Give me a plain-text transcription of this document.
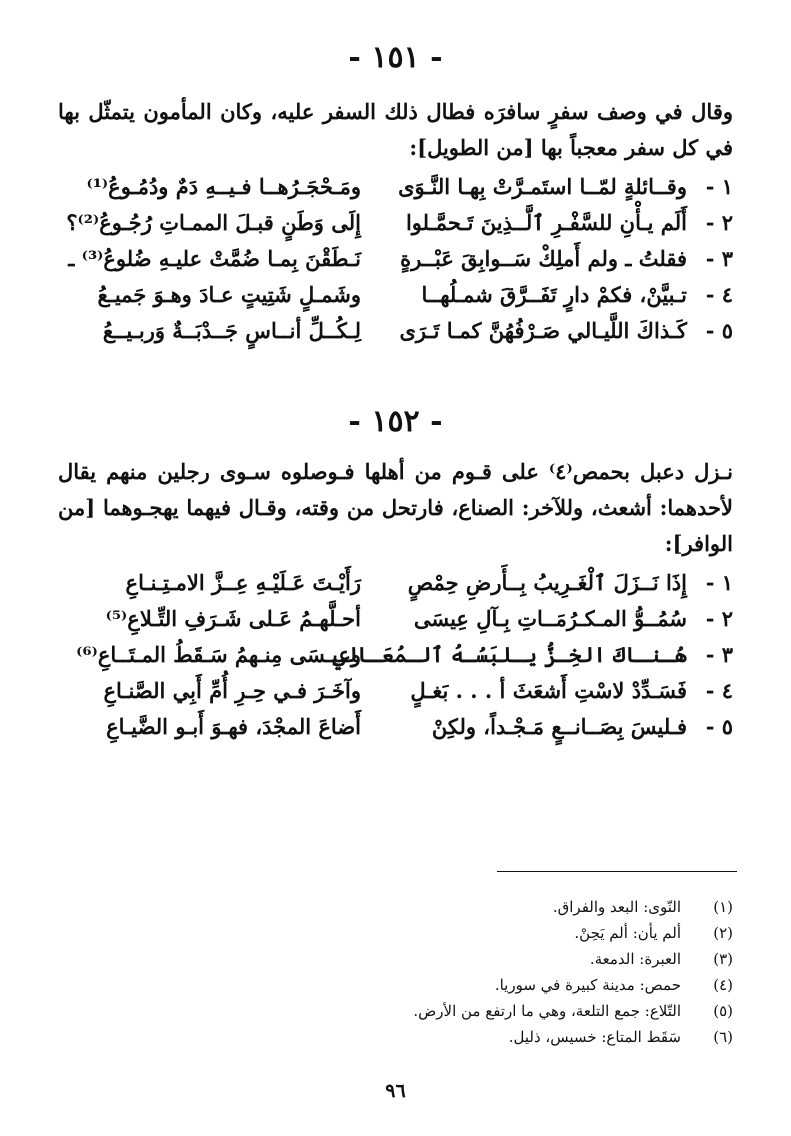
- ١٥١ -
وقال في وصف سفرٍ سافرَه فطال ذلك السفر عليه، وكان المأمون يتمثّل بها في كل سفر معجباً بها [من الطويل]:
١ -
وقــائلةٍ لمّــا استَمـرَّتْ بِهـا النَّـوَى
ومَـحْجَـرُهــا فـيــهِ دَمٌ ودُمُـوعُ⁽¹⁾
٢ -
أَلَم يـأْنِ للسَّفْـرِ ٱلَّــذِينَ تَـحمَّـلوا
إِلَى وَطَنٍ قبـلَ الممـاتِ رُجُـوعُ⁽²⁾؟
٣ -
فقلتُ ـ ولم أَملِكْ سَــوابِقَ عَبْــرةٍ
نَـطَقْنَ بِمـا ضُمَّتْ عليـهِ ضُلوعُ⁽³⁾ ـ
٤ -
تـبيَّنْ، فكمْ دارٍ تَفَــرَّقَ شمـلُهــا
وشَمـلٍ شَتِيتٍ عـادَ وهـوَ جَميـعُ
٥ -
كَـذاكَ اللَّيـالي صَـرْفُهُنَّ كمـا تَـرَى
لِـكُــلِّ أنــاسٍ جَــدْبَــةٌ وَربـيــعُ
- ١٥٢ -
نـزل دعبل بحمص⁽٤⁾ على قـوم من أهلها فـوصلوه سـوى رجلين منهم يقال لأحدهما: أشعث، وللآخر: الصناع، فارتحل من وقته، وقـال فيهما يهجـوهما [من الوافر]:
١ -
إِذَا نَــزَلَ ٱلْغَـرِيبُ بِــأَرضِ حِمْصٍ
رَأَيْـتَ عَـلَيْـهِ عِــزَّ الامـتِـنـاعِ
٢ -
سُمُــوُّ المـكـرُمَــاتِ بِـآلِ عِيسَى
أحـلَّهـمُ عَـلى شَـرَفِ التِّـلاعِ⁽⁵⁾
٣ -
هُـنـاكَ الخِـزُّ يـلبَسُـهُ ٱلـمُعَـالِي
وعيـسَى مِنـهمُ سَـقَطُ المـتَــاعِ⁽⁶⁾
٤ -
فَسَـدِّدْ لاسْتِ أَشعَثَ أ . . . بَغـلٍ
وآخَـرَ فـي حِـرِ أُمِّ أَبِي الصَّنـاعِ
٥ -
فـليسَ بِصَــانــعٍ مَـجْـداً، ولكِنْ
أَضاعَ المجْدَ، فهـوَ أَبـو الضَّيـاعِ
(١)
النّوى: البعد والفراق.
(٢)
ألم يأن: ألم يَحِنْ.
(٣)
العبرة: الدمعة.
(٤)
حمص: مدينة كبيرة في سوريا.
(٥)
التّلاع: جمع التلعة، وهي ما ارتفع من الأرض.
(٦)
سَقَط المتاع: خسيس، ذليل.
٩٦
